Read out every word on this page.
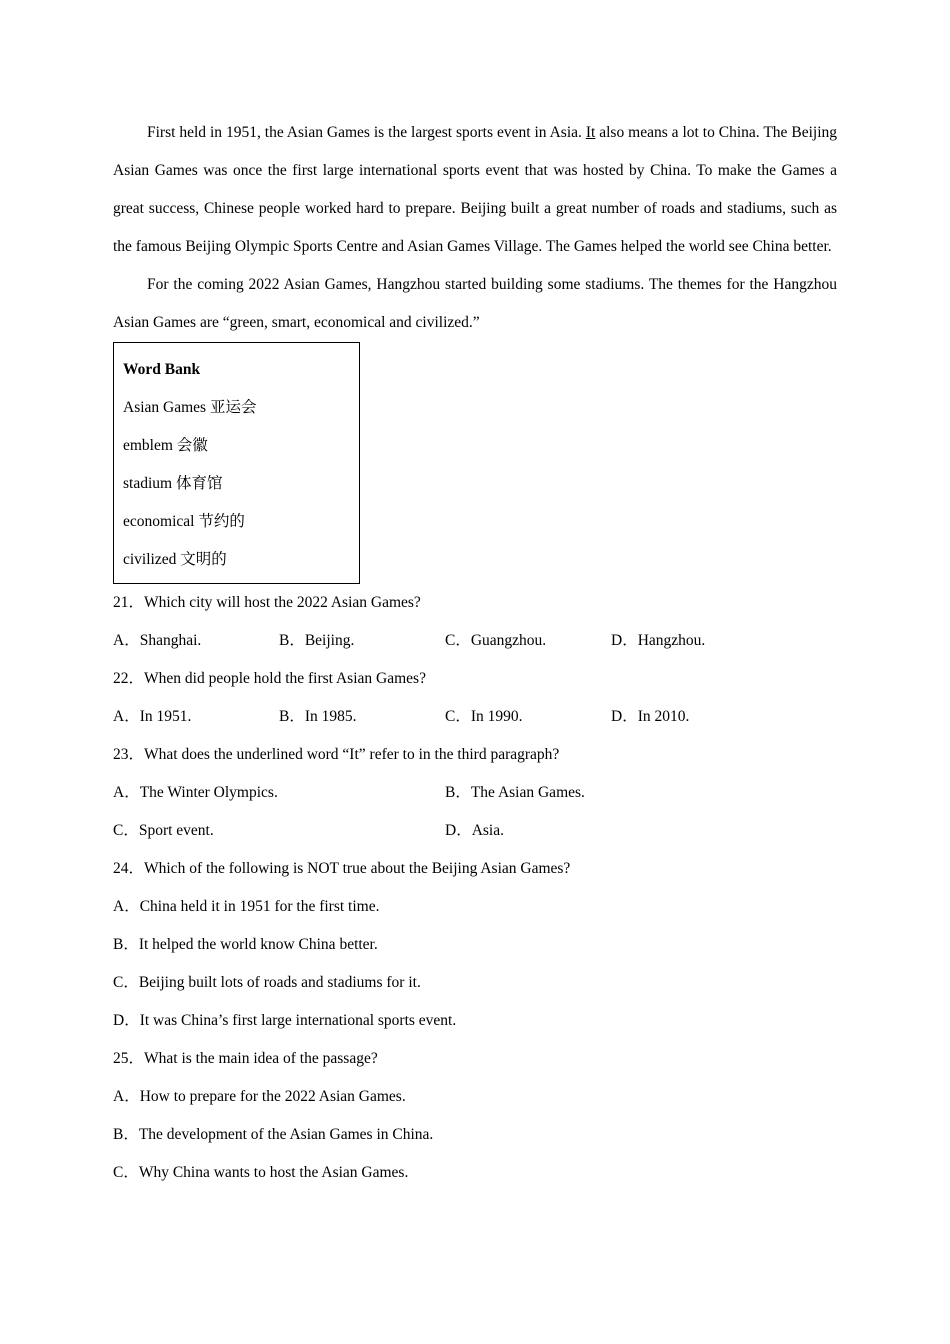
First held in 1951, the Asian Games is the largest sports event in Asia. It also means a lot to China. The Beijing Asian Games was once the first large international sports event that was hosted by China. To make the Games a great success, Chinese people worked hard to prepare. Beijing built a great number of roads and stadiums, such as the famous Beijing Olympic Sports Centre and Asian Games Village. The Games helped the world see China better.

For the coming 2022 Asian Games, Hangzhou started building some stadiums. The themes for the Hangzhou Asian Games are “green, smart, economical and civilized.”

Word Bank
Asian Games 亚运会
emblem 会徽
stadium 体育馆
economical 节约的
civilized 文明的
21．Which city will host the 2022 Asian Games?
A．Shanghai.	B．Beijing.	C．Guangzhou.	D．Hangzhou.
22．When did people hold the first Asian Games?
A．In 1951.	B．In 1985.	C．In 1990.	D．In 2010.
23．What does the underlined word “It” refer to in the third paragraph?
A．The Winter Olympics.	B．The Asian Games.
C．Sport event.	D．Asia.
24．Which of the following is NOT true about the Beijing Asian Games?
A．China held it in 1951 for the first time.
B．It helped the world know China better.
C．Beijing built lots of roads and stadiums for it.
D．It was China’s first large international sports event.
25．What is the main idea of the passage?
A．How to prepare for the 2022 Asian Games.
B．The development of the Asian Games in China.
C．Why China wants to host the Asian Games.
